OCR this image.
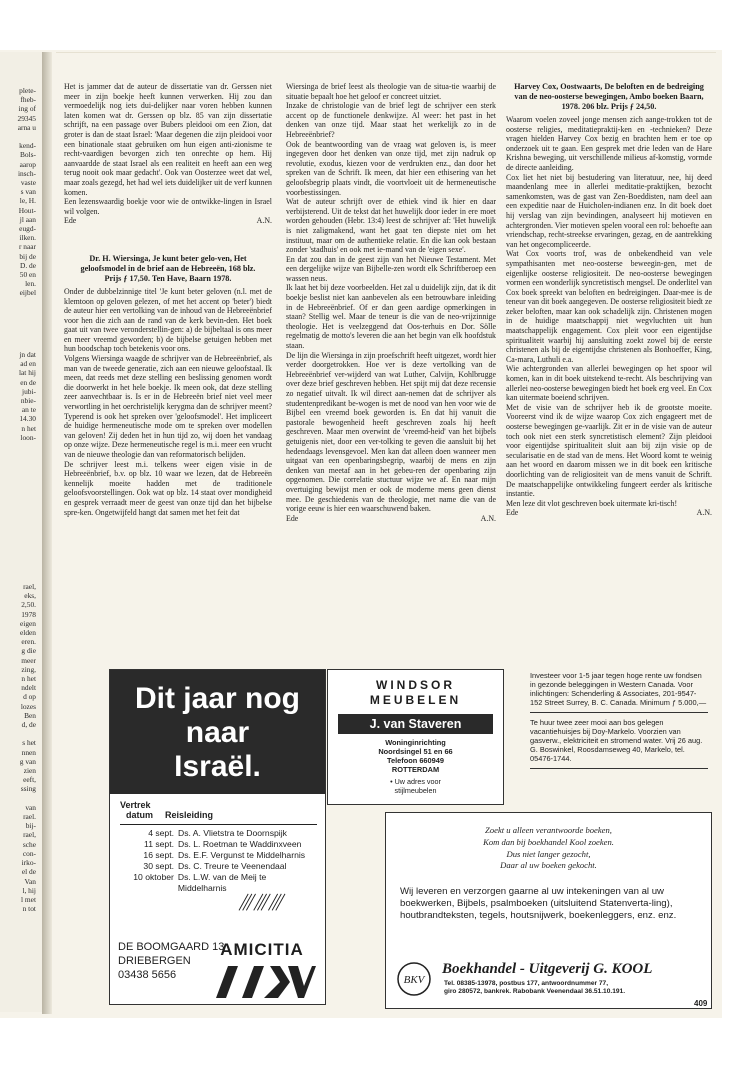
plete-
fheb-
ing of
29345
arna u

kend-
Bols-
aarop
insch-
vaste
s van
le, H.
Hout-
jl aan
eugd-
ilken.
r naar
bij de
D. de
50 en
len.
eijbel
jn dat
ad en
lat hij
en de
jubi-
nbie-
an te
14.30
n het
loon-
rael,
eks,
2,50.
1978
eigen
elden
eren.
g die
meer
zing,
n het
ndelt
d op
lozes
Ben
d, de

s het
nnen
g van
zien
eeft,
ssing

van
rael.
bij-
rael,
sche
con-
irko-
el de
Van
l, hij
l met
n tot

Het is jammer dat de auteur de dissertatie van dr. Gerssen niet meer in zijn boekje heeft kunnen verwerken. Hij zou dan vermoedelijk nog iets dui-delijker naar voren hebben kunnen laten komen wat dr. Gerssen op blz. 85 van zijn dissertatie schrijft, na een passage over Bubers pleidooi om een Zion, dat groter is dan de staat Israel: 'Maar degenen die zijn pleidooi voor een binationale staat gebruiken om hun eigen anti-zionisme te recht-vaardigen bevorgen zich ten onrechte op hem. Hij aanvaardde de staat Israel als een realiteit en heeft aan een weg terug nooit ook maar gedacht'. Ook van Oosterzee weet dat wel, maar zoals gezegd, het had wel iets duidelijker uit de verf kunnen komen.

Een lezenswaardig boekje voor wie de ontwikke-lingen in Israel wil volgen.

Ede	A.N.
Dr. H. Wiersinga, Je kunt beter gelo-ven, Het geloofsmodel in de brief aan de Hebreeën, 168 blz. Prijs ƒ 17,50. Ten Have, Baarn 1978.

Onder de dubbelzinnige titel 'Je kunt beter geloven (n.l. met de klemtoon op geloven gelezen, of met het accent op 'beter') biedt de auteur hier een vertolking van de inhoud van de Hebreeënbrief voor hen die zich aan de rand van de kerk bevin-den. Het boek gaat uit van twee veronderstellin-gen: a) de bijbeltaal is ons meer en meer vreemd geworden; b) de bijbelse getuigen hebben met hun boodschap toch betekenis voor ons.

Volgens Wiersinga waagde de schrijver van de Hebreeënbrief, als man van de tweede generatie, zich aan een nieuwe geloofstaal. Ik meen, dat reeds met deze stelling een beslissing genomen wordt die doorwerkt in het hele boekje. Ik meen ook, dat deze stelling zeer aanvechtbaar is. Is er in de Hebreeën brief niet veel meer verwortling in het oerchristelijk kerygma dan de schrijver meent? Typerend is ook het spreken over 'geloofsmodel'. Het impliceert de huidige hermeneutische mode om te spreken over modellen van geloven! Zij deden het in hun tijd zo, wij doen het vandaag op onze wijze. Deze hermeneutische regel is m.i. meer een vrucht van de nieuwe theologie dan van reformatorisch belijden.

De schrijver leest m.i. telkens weer eigen visie in de Hebreeënbrief, b.v. op blz. 10 waar we lezen, dat de Hebreeën kennelijk moeite hadden met de traditionele geloofsvoorstellingen. Ook wat op blz. 14 staat over mondigheid en gesprek verraadt meer de geest van onze tijd dan het bijbelse spre-ken. Ongetwijfeld hangt dat samen met het feit dat

Wiersinga de brief leest als theologie van de situa-tie waarbij de situatie bepaalt hoe het geloof er concreet uitziet.

Inzake de christologie van de brief legt de schrijver een sterk accent op de functionele denkwijze. Al weer: het past in het denken van onze tijd. Maar staat het werkelijk zo in de Hebreeënbrief?

Ook de beantwoording van de vraag wat geloven is, is meer ingegeven door het denken van onze tijd, met zijn nadruk op revolutie, exodus, kiezen voor de verdrukten enz., dan door het spreken van de Schrift. Ik meen, dat hier een ethisering van het geloofsbegrip plaats vindt, die voortvloeit uit de hermeneutische voorbestissingen.

Wat de auteur schrijft over de ethiek vind ik hier en daar verbijsterend. Uit de tekst dat het huwelijk door ieder in ere moet worden gehouden (Hebr. 13:4) leest de schrijver af: 'Het huwelijk is niet zaligmakend, want het gaat ten diepste niet om het instituut, maar om de authentieke relatie. En die kan ook bestaan zonder 'stadhuis' en ook met ie-mand van de 'eigen sexe'.

En dat zou dan in de geest zijn van het Nieuwe Testament. Met een dergelijke wijze van Bijbelle-zen wordt elk Schriftberoep een wassen neus.

Ik laat het bij deze voorbeelden. Het zal u duidelijk zijn, dat ik dit boekje beslist niet kan aanbevelen als een betrouwbare inleiding in de Hebreeënbrief. Of er dan geen aardige opmerkingen in staan? Stellig wel. Maar de teneur is die van de neo-vrijzinnige theologie. Het is veelzeggend dat Oos-terhuis en Dor. Sölle regelmatig de motto's leveren die aan het begin van elk hoofdstuk staan.

De lijn die Wiersinga in zijn proefschrift heeft uitgezet, wordt hier verder doorgetrokken. Hoe ver is deze vertolking van de Hebreeënbrief ver-wijderd van wat Luther, Calvijn, Kohlbrugge over deze brief geschreven hebben. Het spijt mij dat deze recensie zo negatief uitvalt. Ik wil direct aan-nemen dat de schrijver als studentenpredikant be-wogen is met de nood van hen voor wie de Bijbel een vreemd boek geworden is. En dat hij vanuit die pastorale bewogenheid heeft geschreven zoals hij heeft geschreven. Maar men overwint de 'vreemd-heid' van het bijbels getuigenis niet, door een ver-tolking te geven die aansluit bij het hedendaags levensgevoel. Men kan dat alleen doen wanneer men uitgaat van een openbaringsbegrip, waarbij de mens en zijn denken van meetaf aan in het gebeu-ren der openbaring zijn opgenomen. Die correlatie stuctuur wijze we af. En naar mijn overtuiging bewijst men er ook de moderne mens geen dienst mee. De geschiedenis van de theologie, met name die van de vorige eeuw is hier een waarschuwend baken.

Ede	A.N.
Harvey Cox, Oostwaarts, De beloften en de bedreiging van de neo-oosterse bewegingen, Ambo boeken Baarn, 1978. 206 blz. Prijs ƒ 24,50.

Waarom voelen zoveel jonge mensen zich aange-trokken tot de oosterse religies, meditatiepraktij-ken en -technieken? Deze vragen hielden Harvey Cox bezig en brachten hem er toe op onderzoek uit te gaan. Een gesprek met drie leden van de Hare Krishna beweging, uit verschillende milieus af-komstig, vormde de directe aanleiding.

Cox liet het niet bij bestudering van literatuur, nee, hij deed maandenlang mee in allerlei meditatie-praktijken, bezocht samenkomsten, was de gast van Zen-Boeddisten, nam deel aan een expeditie naar de Huicholen-indianen enz. In dit boek doet hij verslag van zijn bevindingen, analyseert hij motieven en achtergronden. Vier motieven spelen vooral een rol: behoefte aan vriendschap, recht-streekse ervaringen, gezag, en de aantrekking van het ongecompliceerde.

Wat Cox voorts trof, was de onbekendheid van vele sympathisanten met neo-oosterse beweegin-gen, met de eigenlijke oosterse religiositeit. De neo-oosterse bewegingen vormen een wonderlijk syncretistisch mengsel. De onderlitel van Cox boek spreekt van beloften en bedreigingen. Daar-mee is de teneur van dit boek aangegeven. De oosterse religiositeit biedt ze zeker beloften, maar kan ook schadelijk zijn. Christenen mogen in de huidige maatschappij niet wegvluchten uit hun maatschappelijk engagement. Cox pleit voor een eigentijdse spiritualiteit waarbij hij aansluiting zoekt zowel bij de eerste christenen als bij de eigentijdse christenen als Bonhoeffer, King, Ca-mara, Luthuli e.a.

Wie achtergronden van allerlei bewegingen op het spoor wil komen, kan in dit boek uitstekend te-recht. Als beschrijving van allerlei neo-oosterse bewegingen biedt het boek erg veel. En Cox kan uitermate boeiend schrijven.

Met de visie van de schrijver heb ik de grootste moeite. Vooreerst vind ik de wijze waarop Cox zich engageert met de oosterse bewegingen ge-vaarlijk. Zit er in de visie van de auteur toch ook niet een sterk syncretistisch element? Zijn pleidooi voor eigentijdse spiritualiteit sluit aan bij zijn visie op de secularisatie en de stad van de mens. Het Woord komt te weinig aan het woord en daarom missen we in dit boek een kritische doorlichting van de religiositeit van de mens vanuit de Schrift. De maatschappelijke ontwikkeling fungeert eerder als kritische instantie.

Men leze dit vlot geschreven boek uitermate kri-tisch!

Ede	A.N.
Dit jaar nog
naar
Israël.
Vertrek
datum Reisleiding
4 sept. Ds. A. Vlietstra te Doornspijk
11 sept. Ds. L. Roetman te Waddinxveen
16 sept. Ds. E.F. Vergunst te Middelharnis
30 sept. Ds. C. Treure te Veenendaal
10 oktober Ds. L.W. van de Meij te Middelharnis
AMICITIA
DE BOOMGAARD 13
DRIEBERGEN
03438 5656
WINDSOR
MEUBELEN
J. van Staveren
Woninginrichting
Noordsingel 51 en 66
Telefoon 660949
ROTTERDAM
• Uw adres voor
stijlmeubelen

Investeer voor 1-5 jaar tegen hoge rente uw fondsen in gezonde beleggingen in Western Canada. Voor inlichtingen: Schenderling & Associates, 201-9547-152 Street Surrey, B. C. Canada. Minimum ƒ 5.000,—

Te huur twee zeer mooi aan bos gelegen vacantiehuisjes bij Doy-Markelo. Voorzien van gasverw., elektriciteit en stromend water. Vrij 26 aug. G. Boswinkel, Roosdamseweg 40, Markelo, tel. 05476-1744.

Zoekt u alleen verantwoorde boeken,
Kom dan bij boekhandel Kool zoeken.
Dus niet langer gezocht,
Daar al uw boeken gekocht.
Wij leveren en verzorgen gaarne al uw intekeningen van al uw boekwerken, Bijbels, psalmboeken (uitsluitend Statenverta-ling), houtbrandteksten, tegels, houtsnijwerk, boekenleggers, enz. enz.
BKV
Boekhandel - Uitgeverij G. KOOL
Tel. 08385-13978, postbus 177, antwoordnummer 77,
giro 280572, bankrek. Rabobank Veenendaal 36.51.10.191.
409
